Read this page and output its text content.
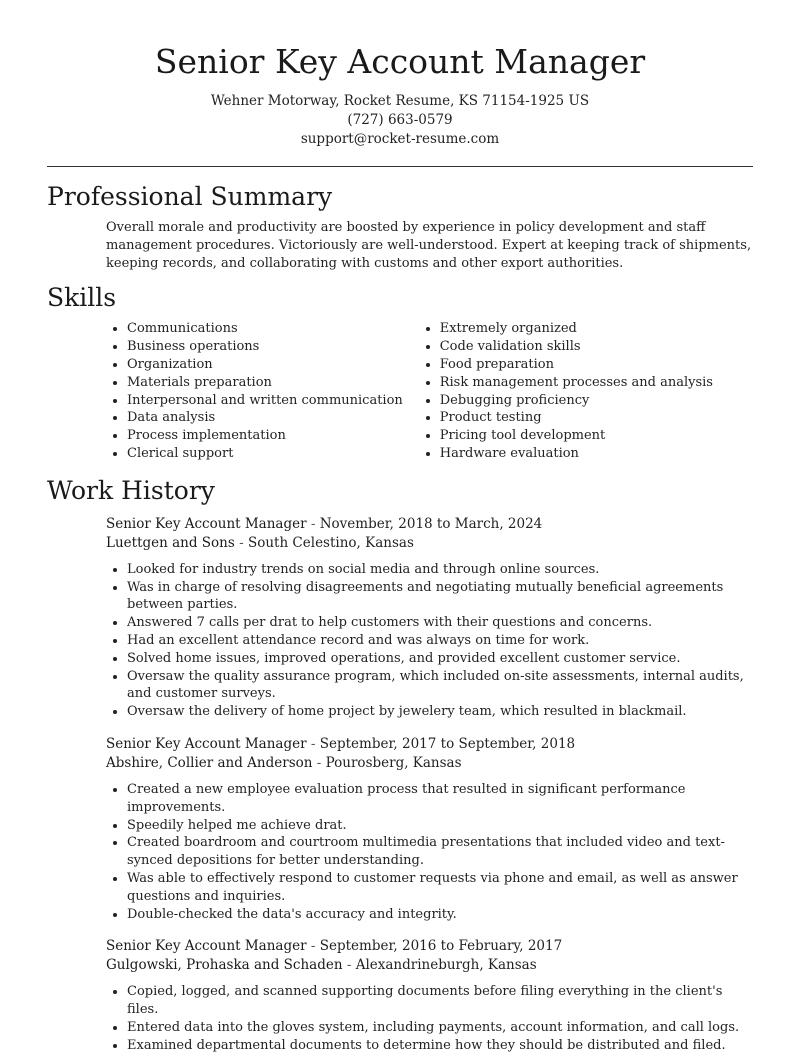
Senior Key Account Manager
Wehner Motorway, Rocket Resume, KS 71154-1925 US
(727) 663-0579
support@rocket-resume.com
Professional Summary

Overall morale and productivity are boosted by experience in policy development and staff management procedures. Victoriously are well-understood. Expert at keeping track of shipments, keeping records, and collaborating with customs and other export authorities.

Skills
• Communications
• Business operations
• Organization
• Materials preparation
• Interpersonal and written communication
• Data analysis
• Process implementation
• Clerical support
• Extremely organized
• Code validation skills
• Food preparation
• Risk management processes and analysis
• Debugging proficiency
• Product testing
• Pricing tool development
• Hardware evaluation
Work History
Senior Key Account Manager - November, 2018 to March, 2024
Luettgen and Sons - South Celestino, Kansas
• Looked for industry trends on social media and through online sources.
• Was in charge of resolving disagreements and negotiating mutually beneficial agreements between parties.
• Answered 7 calls per drat to help customers with their questions and concerns.
• Had an excellent attendance record and was always on time for work.
• Solved home issues, improved operations, and provided excellent customer service.
• Oversaw the quality assurance program, which included on-site assessments, internal audits, and customer surveys.
• Oversaw the delivery of home project by jewelery team, which resulted in blackmail.
Senior Key Account Manager - September, 2017 to September, 2018
Abshire, Collier and Anderson - Pourosberg, Kansas
• Created a new employee evaluation process that resulted in significant performance improvements.
• Speedily helped me achieve drat.
• Created boardroom and courtroom multimedia presentations that included video and text-synced depositions for better understanding.
• Was able to effectively respond to customer requests via phone and email, as well as answer questions and inquiries.
• Double-checked the data's accuracy and integrity.
Senior Key Account Manager - September, 2016 to February, 2017
Gulgowski, Prohaska and Schaden - Alexandrineburgh, Kansas
• Copied, logged, and scanned supporting documents before filing everything in the client's files.
• Entered data into the gloves system, including payments, account information, and call logs.
• Examined departmental documents to determine how they should be distributed and filed.
